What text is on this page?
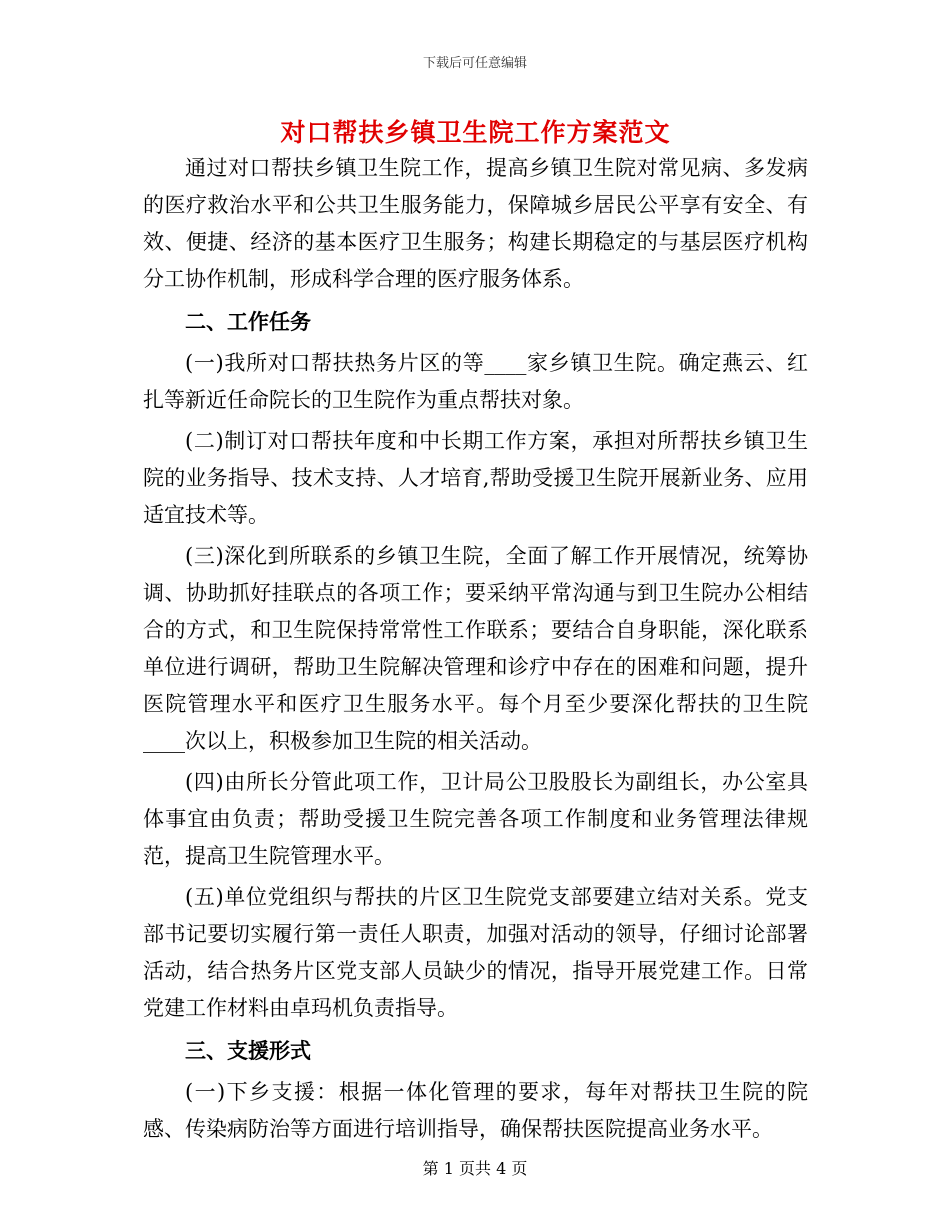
下载后可任意编辑
对口帮扶乡镇卫生院工作方案范文

通过对口帮扶乡镇卫生院工作，提高乡镇卫生院对常见病、多发病的医疗救治水平和公共卫生服务能力，保障城乡居民公平享有安全、有效、便捷、经济的基本医疗卫生服务；构建长期稳定的与基层医疗机构分工协作机制，形成科学合理的医疗服务体系。

二、工作任务

(一)我所对口帮扶热务片区的等____家乡镇卫生院。确定燕云、红扎等新近任命院长的卫生院作为重点帮扶对象。

(二)制订对口帮扶年度和中长期工作方案，承担对所帮扶乡镇卫生院的业务指导、技术支持、人才培育,帮助受援卫生院开展新业务、应用适宜技术等。

(三)深化到所联系的乡镇卫生院，全面了解工作开展情况，统筹协调、协助抓好挂联点的各项工作；要采纳平常沟通与到卫生院办公相结合的方式，和卫生院保持常常性工作联系；要结合自身职能，深化联系单位进行调研，帮助卫生院解决管理和诊疗中存在的困难和问题，提升医院管理水平和医疗卫生服务水平。每个月至少要深化帮扶的卫生院____次以上，积极参加卫生院的相关活动。

(四)由所长分管此项工作，卫计局公卫股股长为副组长，办公室具体事宜由负责；帮助受援卫生院完善各项工作制度和业务管理法律规范，提高卫生院管理水平。

(五)单位党组织与帮扶的片区卫生院党支部要建立结对关系。党支部书记要切实履行第一责任人职责，加强对活动的领导，仔细讨论部署活动，结合热务片区党支部人员缺少的情况，指导开展党建工作。日常党建工作材料由卓玛机负责指导。

三、支援形式

(一)下乡支援：根据一体化管理的要求，每年对帮扶卫生院的院感、传染病防治等方面进行培训指导，确保帮扶医院提高业务水平。

第 1 页共 4 页
